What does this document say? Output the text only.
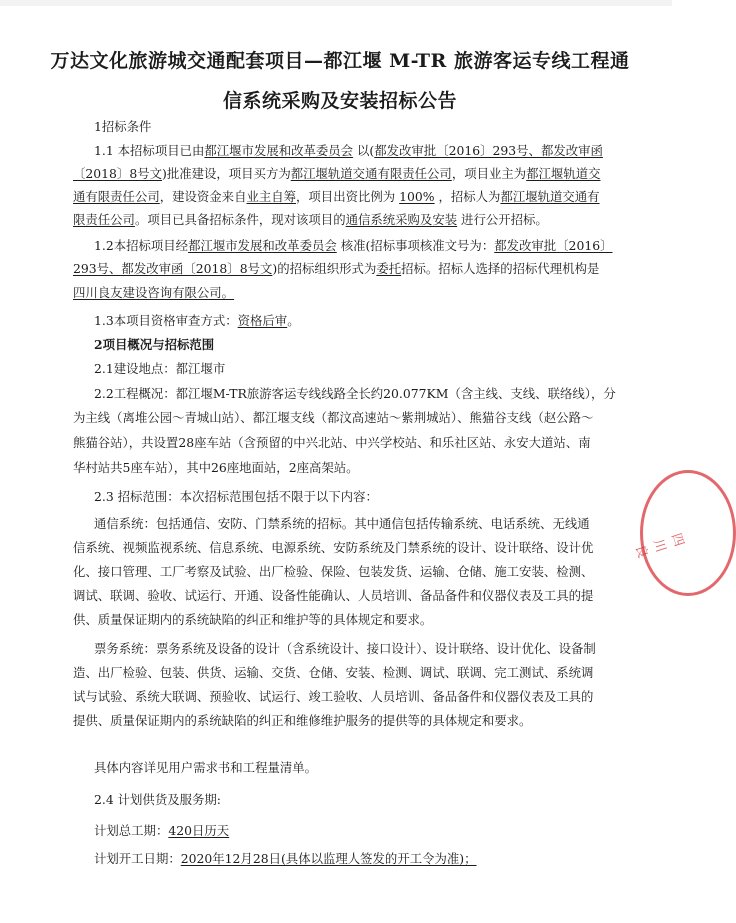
万达文化旅游城交通配套项目—都江堰 M-TR 旅游客运专线工程通
信系统采购及安装招标公告
1招标条件
1.1 本招标项目已由都江堰市发展和改革委员会 以(都发改审批〔2016〕293号、都发改审函
〔2018〕8号文)批准建设，项目买方为都江堰轨道交通有限责任公司，项目业主为都江堰轨道交
通有限责任公司，建设资金来自业主自筹，项目出资比例为 100% ，招标人为都江堰轨道交通有
限责任公司。项目已具备招标条件，现对该项目的通信系统采购及安装 进行公开招标。
1.2本招标项目经都江堰市发展和改革委员会 核准(招标事项核准文号为：都发改审批〔2016〕
293号、都发改审函〔2018〕8号文)的招标组织形式为委托招标。招标人选择的招标代理机构是
四川良友建设咨询有限公司。
1.3本项目资格审查方式：资格后审。
2项目概况与招标范围
2.1建设地点：都江堰市
2.2工程概况：都江堰M-TR旅游客运专线线路全长约20.077KM（含主线、支线、联络线），分
为主线（离堆公园～青城山站）、都江堰支线（都汶高速站～紫荆城站）、熊猫谷支线（赵公路～
熊猫谷站），共设置28座车站（含预留的中兴北站、中兴学校站、和乐社区站、永安大道站、南
华村站共5座车站），其中26座地面站，2座高架站。
2.3 招标范围：本次招标范围包括不限于以下内容：
通信系统：包括通信、安防、门禁系统的招标。其中通信包括传输系统、电话系统、无线通
信系统、视频监视系统、信息系统、电源系统、安防系统及门禁系统的设计、设计联络、设计优
化、接口管理、工厂考察及试验、出厂检验、保险、包装发货、运输、仓储、施工安装、检测、
调试、联调、验收、试运行、开通、设备性能确认、人员培训、备品备件和仪器仪表及工具的提
供、质量保证期内的系统缺陷的纠正和维护等的具体规定和要求。
票务系统：票务系统及设备的设计（含系统设计、接口设计）、设计联络、设计优化、设备制
造、出厂检验、包装、供货、运输、交货、仓储、安装、检测、调试、联调、完工测试、系统调
试与试验、系统大联调、预验收、试运行、竣工验收、人员培训、备品备件和仪器仪表及工具的
提供、质量保证期内的系统缺陷的纠正和维修维护服务的提供等的具体规定和要求。
具体内容详见用户需求书和工程量清单。
2.4 计划供货及服务期:
计划总工期：420日历天
计划开工日期：2020年12月28日(具体以监理人签发的开工令为准)；
四川良
